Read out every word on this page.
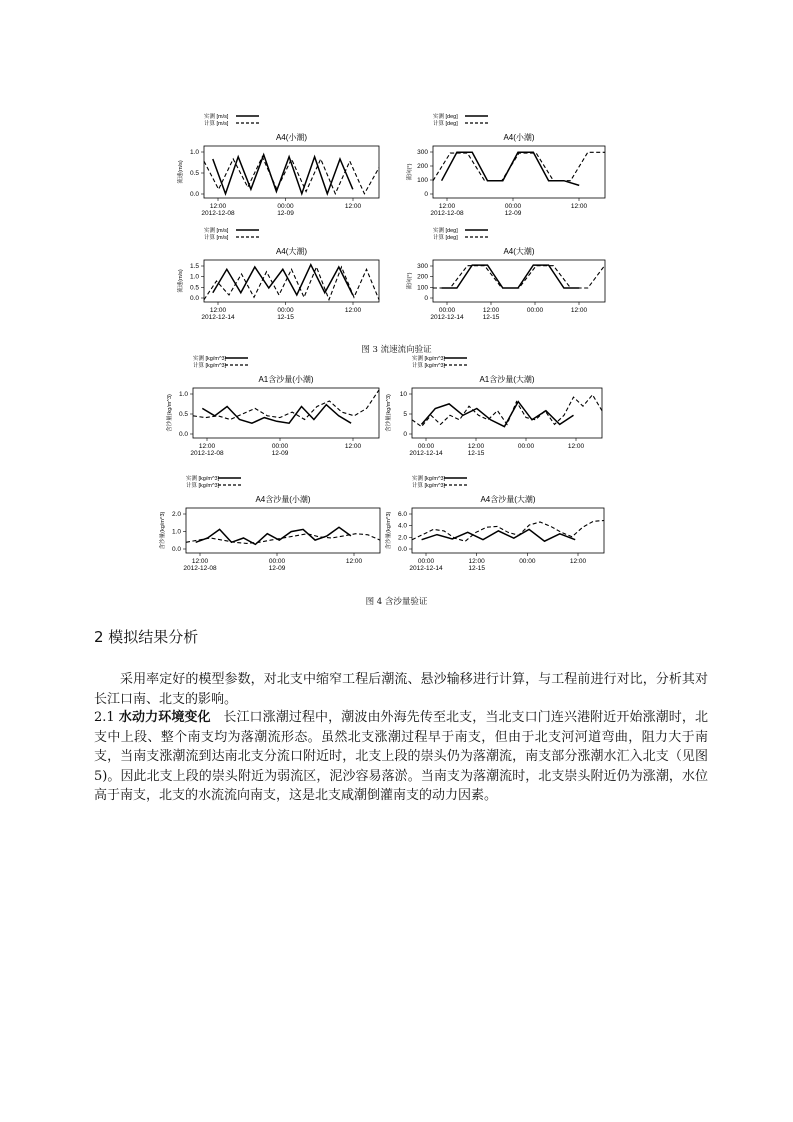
实测 [m/s]
计算 [m/s]
A4(小潮)
0.0
0.5
1.0
流速(m/s)
12:00
2012-12-08
00:00
12-09
12:00
实测 [deg]
计算 [deg]
A4(小潮)
0
100
200
300
流向(°)
12:00
2012-12-08
00:00
12-09
12:00
实测 [m/s]
计算 [m/s]
A4(大潮)
0.0
0.5
1.0
1.5
流速(m/s)
12:00
2012-12-14
00:00
12-15
12:00
实测 [deg]
计算 [deg]
A4(大潮)
0
100
200
300
流向(°)
00:00
2012-12-14
12:00
12-15
00:00	12:00
实测 [kg/m^3]
计算 [kg/m^3]
A1含沙量(小潮)
0.0
0.5
1.0
含沙量(kg/m^3)
12:00
2012-12-08
00:00
12-09
12:00
实测 [kg/m^3]
计算 [kg/m^3]
A1含沙量(大潮)
0
5
10
含沙量(kg/m^3)
00:00
2012-12-14
12:00
12-15
00:00	12:00
实测 [kg/m^3]
计算 [kg/m^3]
A4含沙量(小潮)
0.0
1.0
2.0
含沙量(kg/m^3)
12:00
2012-12-08
00:00
12-09
12:00
实测 [kg/m^3]
计算 [kg/m^3]
A4含沙量(大潮)
0.0
2.0
4.0
6.0
含沙量(kg/m^3)
00:00
2012-12-14
12:00
12-15
00:00	12:00
图 3 流速流向验证
图 4 含沙量验证
2 模拟结果分析
采用率定好的模型参数，对北支中缩窄工程后潮流、悬沙输移进行计算，与工程前进行对比，分析其对长江口南、北支的影响。
2.1 水动力环境变化 长江口涨潮过程中，潮波由外海先传至北支，当北支口门连兴港附近开始涨潮时，北支中上段、整个南支均为落潮流形态。虽然北支涨潮过程早于南支，但由于北支河河道弯曲，阻力大于南支，当南支涨潮流到达南北支分流口附近时，北支上段的崇头仍为落潮流，南支部分涨潮水汇入北支（见图 5)。因此北支上段的崇头附近为弱流区，泥沙容易落淤。当南支为落潮流时，北支崇头附近仍为涨潮，水位高于南支，北支的水流流向南支，这是北支咸潮倒灌南支的动力因素。
